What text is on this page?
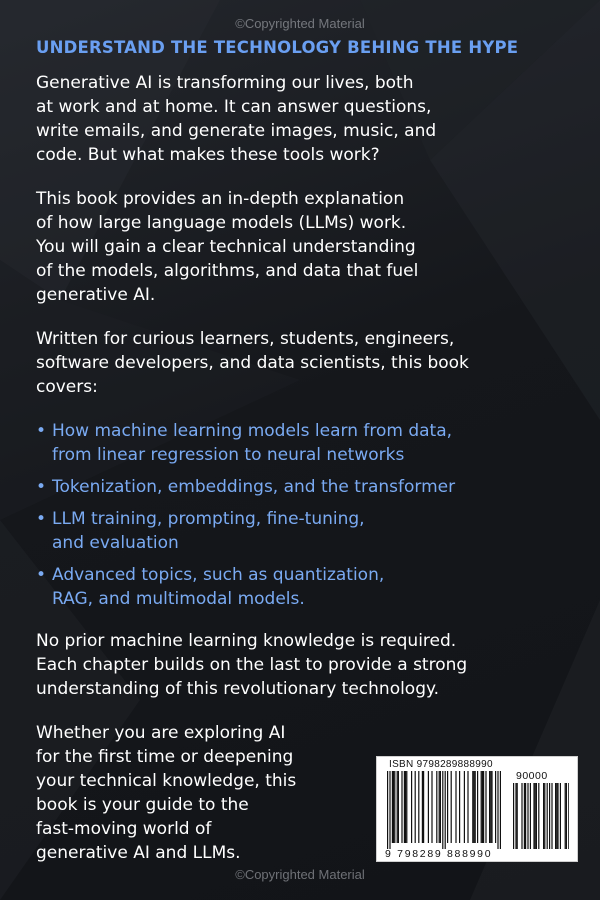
©Copyrighted Material
UNDERSTAND THE TECHNOLOGY BEHING THE HYPE
Generative AI is transforming our lives, both
at work and at home. It can answer questions,
write emails, and generate images, music, and
code. But what makes these tools work?
This book provides an in-depth explanation
of how large language models (LLMs) work.
You will gain a clear technical understanding
of the models, algorithms, and data that fuel
generative AI.
Written for curious learners, students, engineers,
software developers, and data scientists, this book
covers:
• How machine learning models learn from data,
from linear regression to neural networks
• Tokenization, embeddings, and the transformer
• LLM training, prompting, fine-tuning,
and evaluation
• Advanced topics, such as quantization,
RAG, and multimodal models.
No prior machine learning knowledge is required.
Each chapter builds on the last to provide a strong
understanding of this revolutionary technology.
Whether you are exploring AI
for the first time or deepening
your technical knowledge, this
book is your guide to the
fast-moving world of
generative AI and LLMs.
ISBN 9798289888990
90000
9 798289 888990
©Copyrighted Material
